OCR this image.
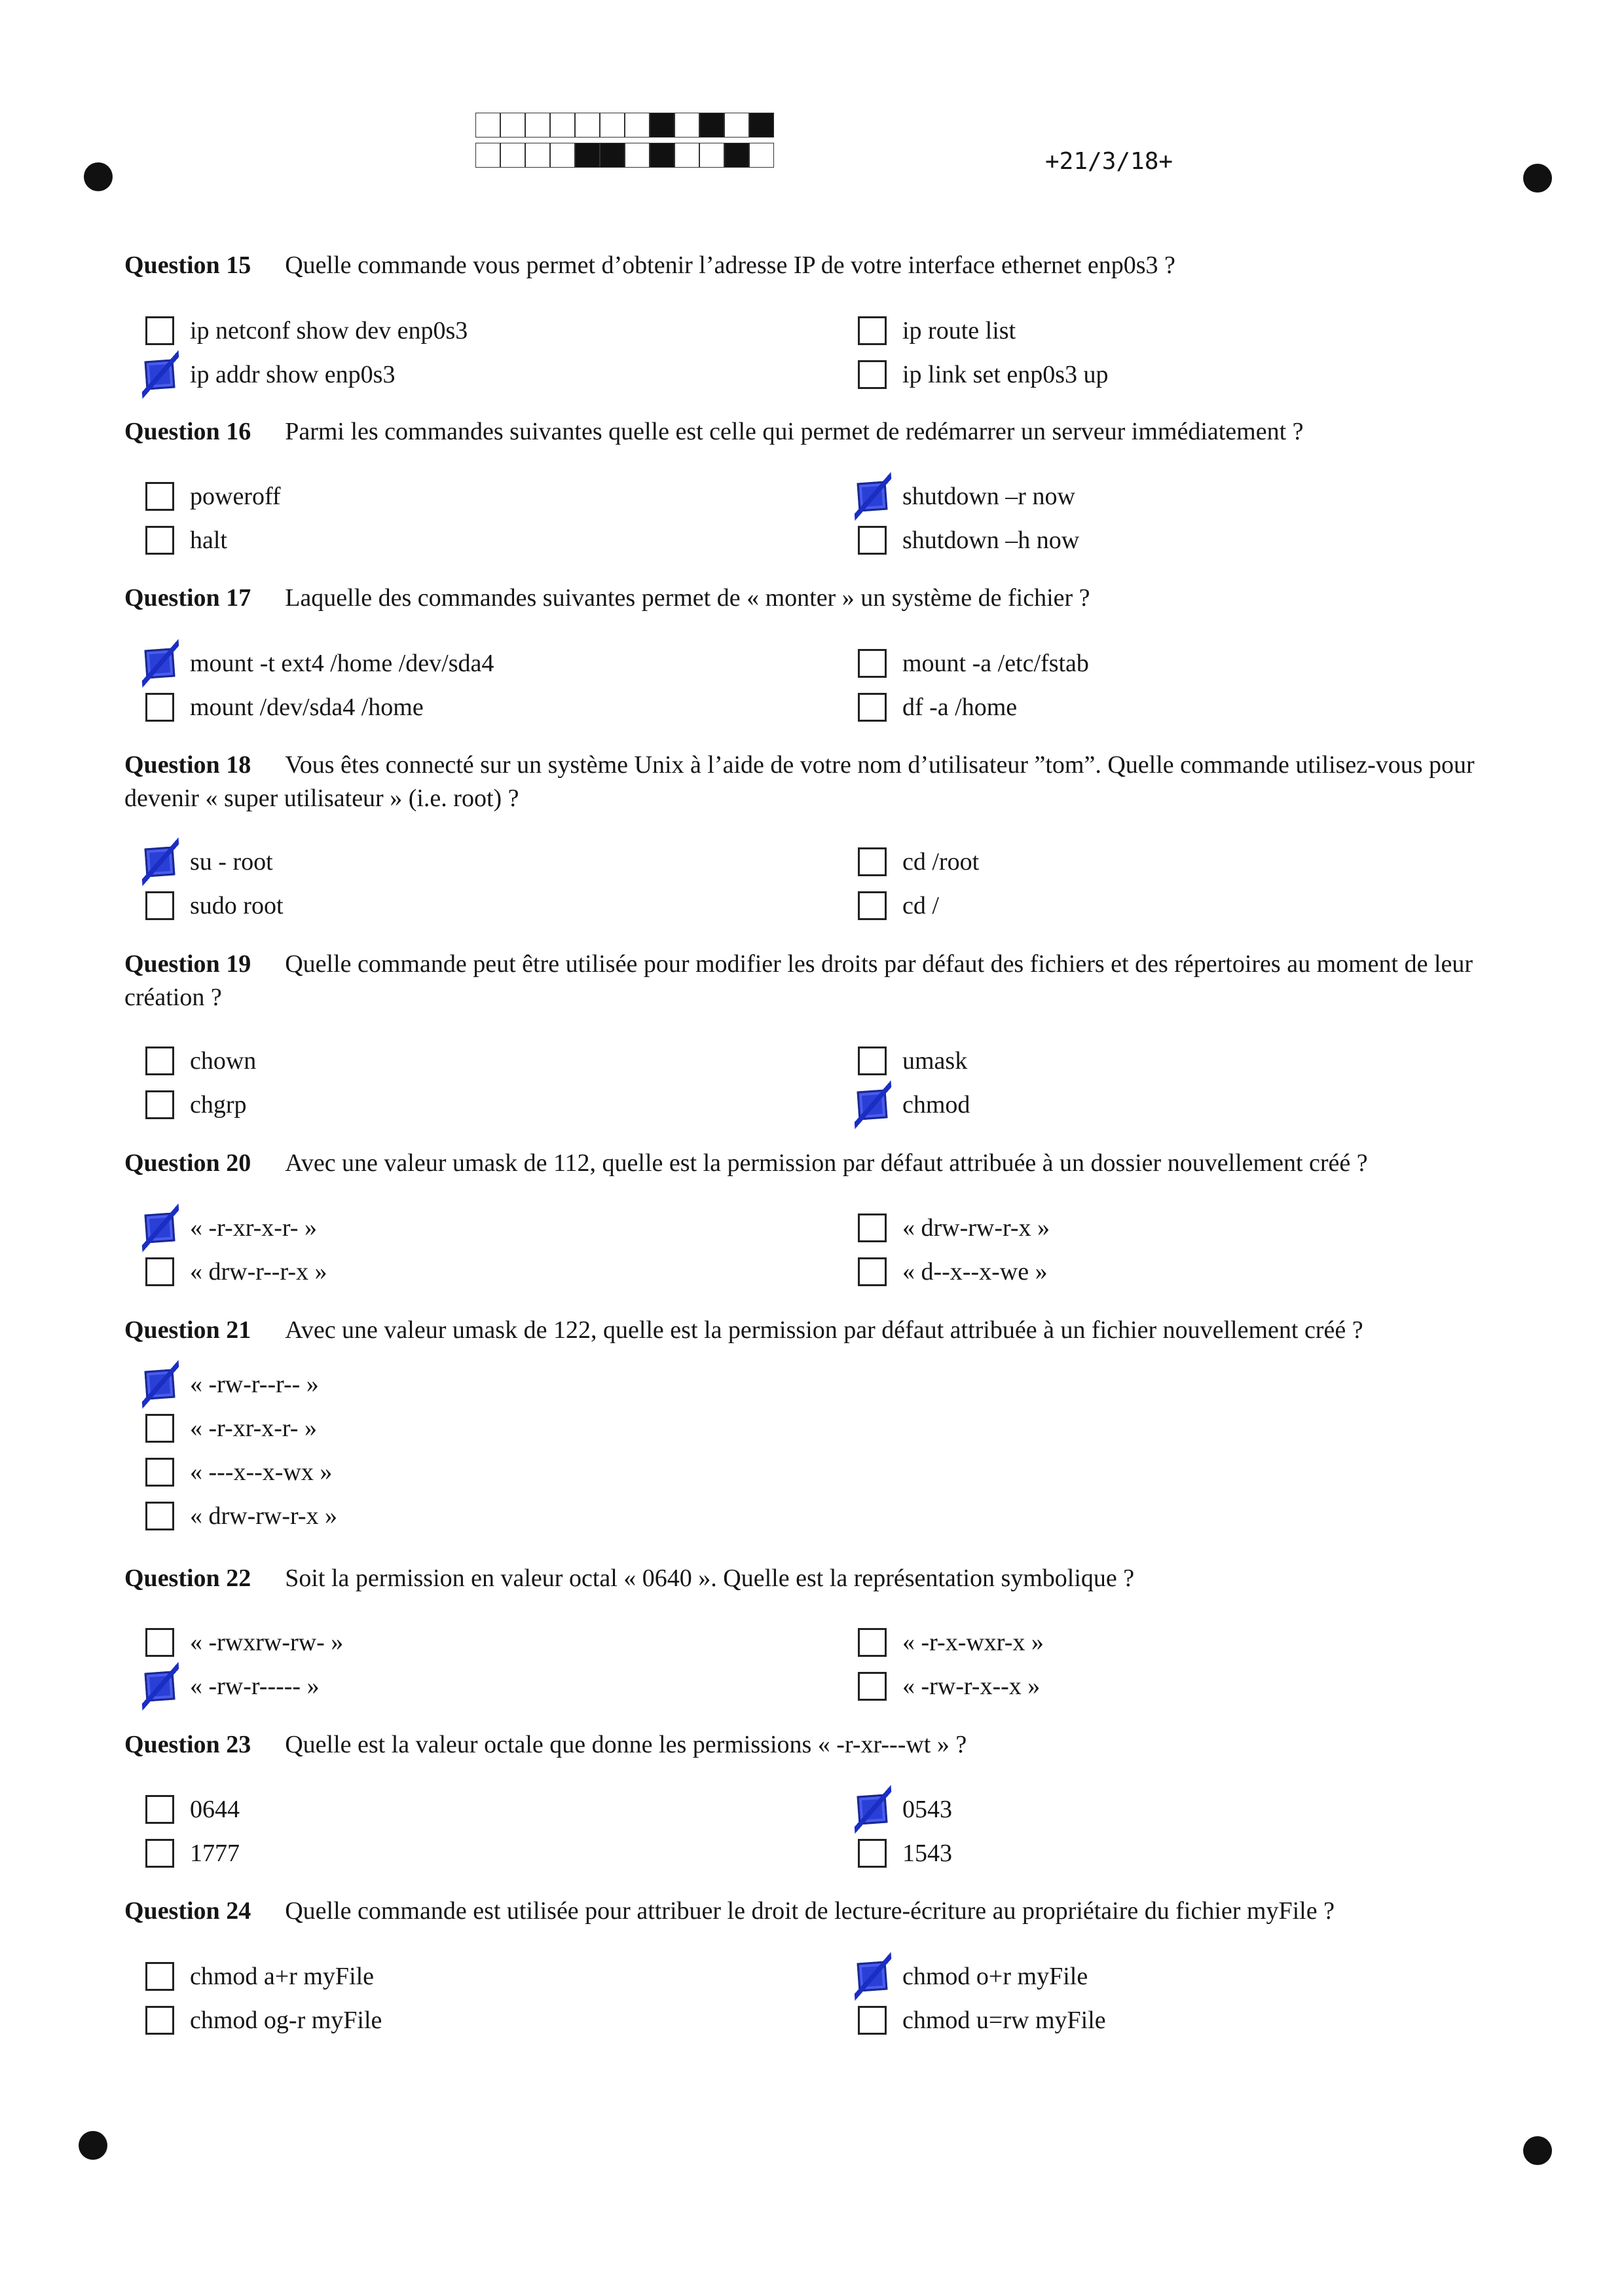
+21/3/18+
Question 15 Quelle commande vous permet d’obtenir l’adresse IP de votre interface ethernet enp0s3 ?
ip netconf show dev enp0s3
ip addr show enp0s3
ip route list
ip link set enp0s3 up
Question 16 Parmi les commandes suivantes quelle est celle qui permet de redémarrer un serveur immédiatement ?
poweroff
halt
shutdown –r now
shutdown –h now
Question 17 Laquelle des commandes suivantes permet de « monter » un système de fichier ?
mount -t ext4 /home /dev/sda4
mount /dev/sda4 /home
mount -a /etc/fstab
df -a /home
Question 18 Vous êtes connecté sur un système Unix à l’aide de votre nom d’utilisateur ”tom”. Quelle commande utilisez-vous pour devenir « super utilisateur » (i.e. root) ?
su - root
sudo root
cd /root
cd /
Question 19 Quelle commande peut être utilisée pour modifier les droits par défaut des fichiers et des répertoires au moment de leur création ?
chown
chgrp
umask
chmod
Question 20 Avec une valeur umask de 112, quelle est la permission par défaut attribuée à un dossier nouvellement créé ?
« -r-xr-x-r- »
« drw-r--r-x »
« drw-rw-r-x »
« d--x--x-we »
Question 21 Avec une valeur umask de 122, quelle est la permission par défaut attribuée à un fichier nouvellement créé ?
« -rw-r--r-- »
« -r-xr-x-r- »
« ---x--x-wx »
« drw-rw-r-x »
Question 22 Soit la permission en valeur octal « 0640 ». Quelle est la représentation symbolique ?
« -rwxrw-rw- »
« -rw-r----- »
« -r-x-wxr-x »
« -rw-r-x--x »
Question 23 Quelle est la valeur octale que donne les permissions « -r-xr---wt » ?
0644
1777
0543
1543
Question 24 Quelle commande est utilisée pour attribuer le droit de lecture-écriture au propriétaire du fichier myFile ?
chmod a+r myFile
chmod og-r myFile
chmod o+r myFile
chmod u=rw myFile
